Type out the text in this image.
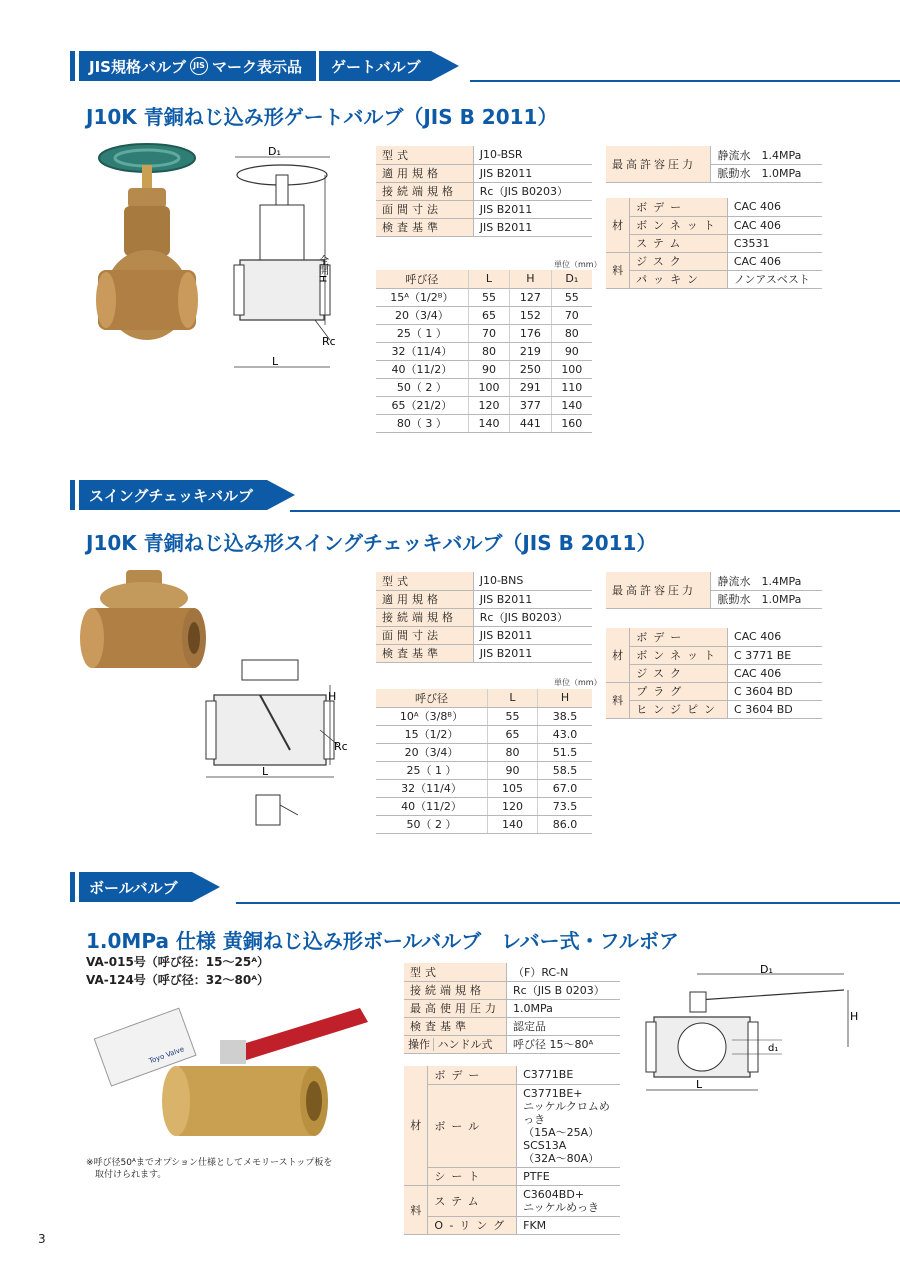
JIS規格バルブ JIS マーク表示品	ゲートバルブ
J10K 青銅ねじ込み形ゲートバルブ（JIS B 2011）
D₁
全開H
Rc
L
型式	J10-BSR
適用規格	JIS B2011
接続端規格	Rc（JIS B0203）
面間寸法	JIS B2011
検査基準	JIS B2011
単位（mm）
呼び径	L	H	D₁
15ᴬ（1/2ᴮ）	55	127	55
20（3/4）	65	152	70
25（ 1 ）	70	176	80
32（11/4）	80	219	90
40（11/2）	90	250	100
50（ 2 ）	100	291	110
65（21/2）	120	377	140
80（ 3 ）	140	441	160
最高許容圧力	静流水　1.4MPa
脈動水　1.0MPa
材	ボデー	CAC 406
	ボンネット	CAC 406
	ステム	C3531
料	ジスク	CAC 406
	パッキン	ノンアスベスト
スイングチェッキバルブ
J10K 青銅ねじ込み形スイングチェッキバルブ（JIS B 2011）
H
Rc
L
型式	J10-BNS
適用規格	JIS B2011
接続端規格	Rc（JIS B0203）
面間寸法	JIS B2011
検査基準	JIS B2011
単位（mm）
呼び径	L	H
10ᴬ（3/8ᴮ）	55	38.5
15（1/2）	65	43.0
20（3/4）	80	51.5
25（ 1 ）	90	58.5
32（11/4）	105	67.0
40（11/2）	120	73.5
50（ 2 ）	140	86.0
最高許容圧力	静流水　1.4MPa
脈動水　1.0MPa
材	ボデー	CAC 406
	ボンネット	C 3771 BE
	ジスク	CAC 406
料	プラグ	C 3604 BD
	ヒンジピン	C 3604 BD
ボールバルブ
1.0MPa 仕様 黄銅ねじ込み形ボールバルブ　レバー式・フルボア
VA-015号（呼び径：15～25ᴬ）
VA-124号（呼び径：32～80ᴬ）
Toyo Valve
※呼び径50ᴬまでオプション仕様としてメモリーストップ板を
　取付けられます。
型式	（F）RC-N
接続端規格	Rc（JIS B 0203）
最高使用圧力	1.0MPa
検査基準	認定品
操作 ハンドル式	呼び径 15～80ᴬ
材	ボデー	C3771BE
	ボール	C3771BE+
ニッケルクロムめっき
（15A～25A）
SCS13A
（32A～80A）
	シート	PTFE
料	ステム	C3604BD+
ニッケルめっき
	O-リング	FKM
D₁
H
d₁
L
3
